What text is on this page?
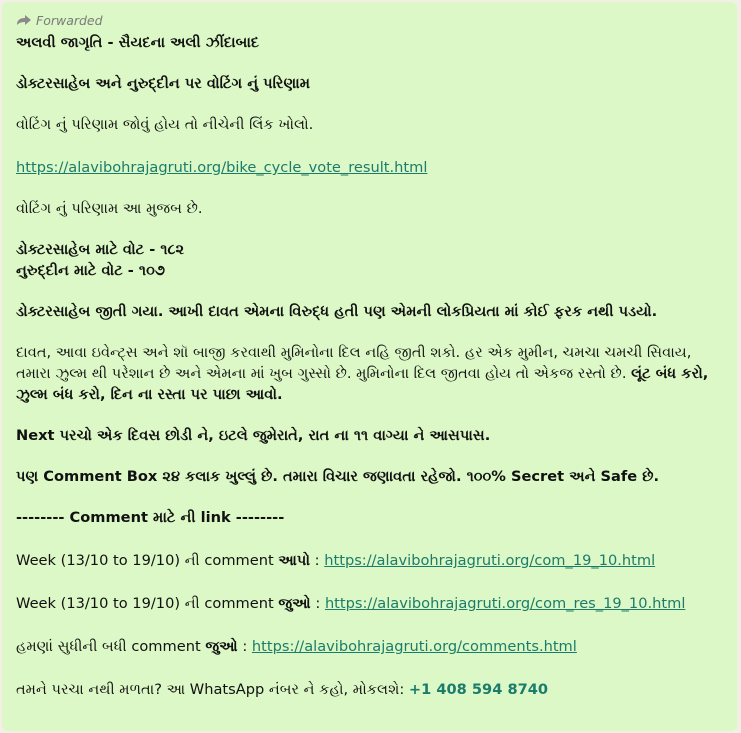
Forwarded

અલવી જાગૃતિ - સૈયદના અલી ઝીંદાબાદ

ડોક્ટરસાહેબ અને નુરુદ્દીન પર વોટિંગ નું પરિણામ

વોટિંગ નું પરિણામ જોવું હોય તો નીચેની લિંક ખોલો.

https://alavibohrajagruti.org/bike_cycle_vote_result.html

વોટિંગ નું પરિણામ આ મુજબ છે.

ડોક્ટરસાહેબ માટે વોટ - ૧૮૨

નુરુદ્દીન માટે વોટ - ૧૦૭

ડોક્ટરસાહેબ જીતી ગયા. આખી દાવત એમના વિરુદ્ધ હતી પણ એમની લોકપ્રિયતા માં કોઈ ફરક નથી પડયો.

દાવત, આવા ઇવેન્ટ્સ અને શૉ બાજી કરવાથી મુમિનોના દિલ નહિ જીતી શકો. હર એક મુમીન, ચમચા ચમચી સિવાય, તમારા ઝુલ્મ થી પરેશાન છે અને એમના માં ખુબ ગુસ્સો છે. મુમિનોના દિલ જીતવા હોય તો એકજ રસ્તો છે. લૂંટ બંધ કરો, ઝુલ્મ બંધ કરો, દિન ના રસ્તા પર પાછા આવો.

Next પરચો એક દિવસ છોડી ને, ઇટલે જુમેરાતે, રાત ના ૧૧ વાગ્યા ને આસપાસ.

પણ Comment Box ૨૪ કલાક ખુલ્લું છે. તમારા વિચાર જણાવતા રહેજો. ૧૦૦% Secret અને Safe છે.

-------- Comment માટે ની link --------

Week (13/10 to 19/10) ની comment આપો : https://alavibohrajagruti.org/com_19_10.html

Week (13/10 to 19/10) ની comment જુઓ : https://alavibohrajagruti.org/com_res_19_10.html

હમણાં સુધીની બધી comment જુઓ : https://alavibohrajagruti.org/comments.html

તમને પરચા નથી મળતા? આ WhatsApp નંબર ને કહો, મોકલશે: +1 408 594 8740
